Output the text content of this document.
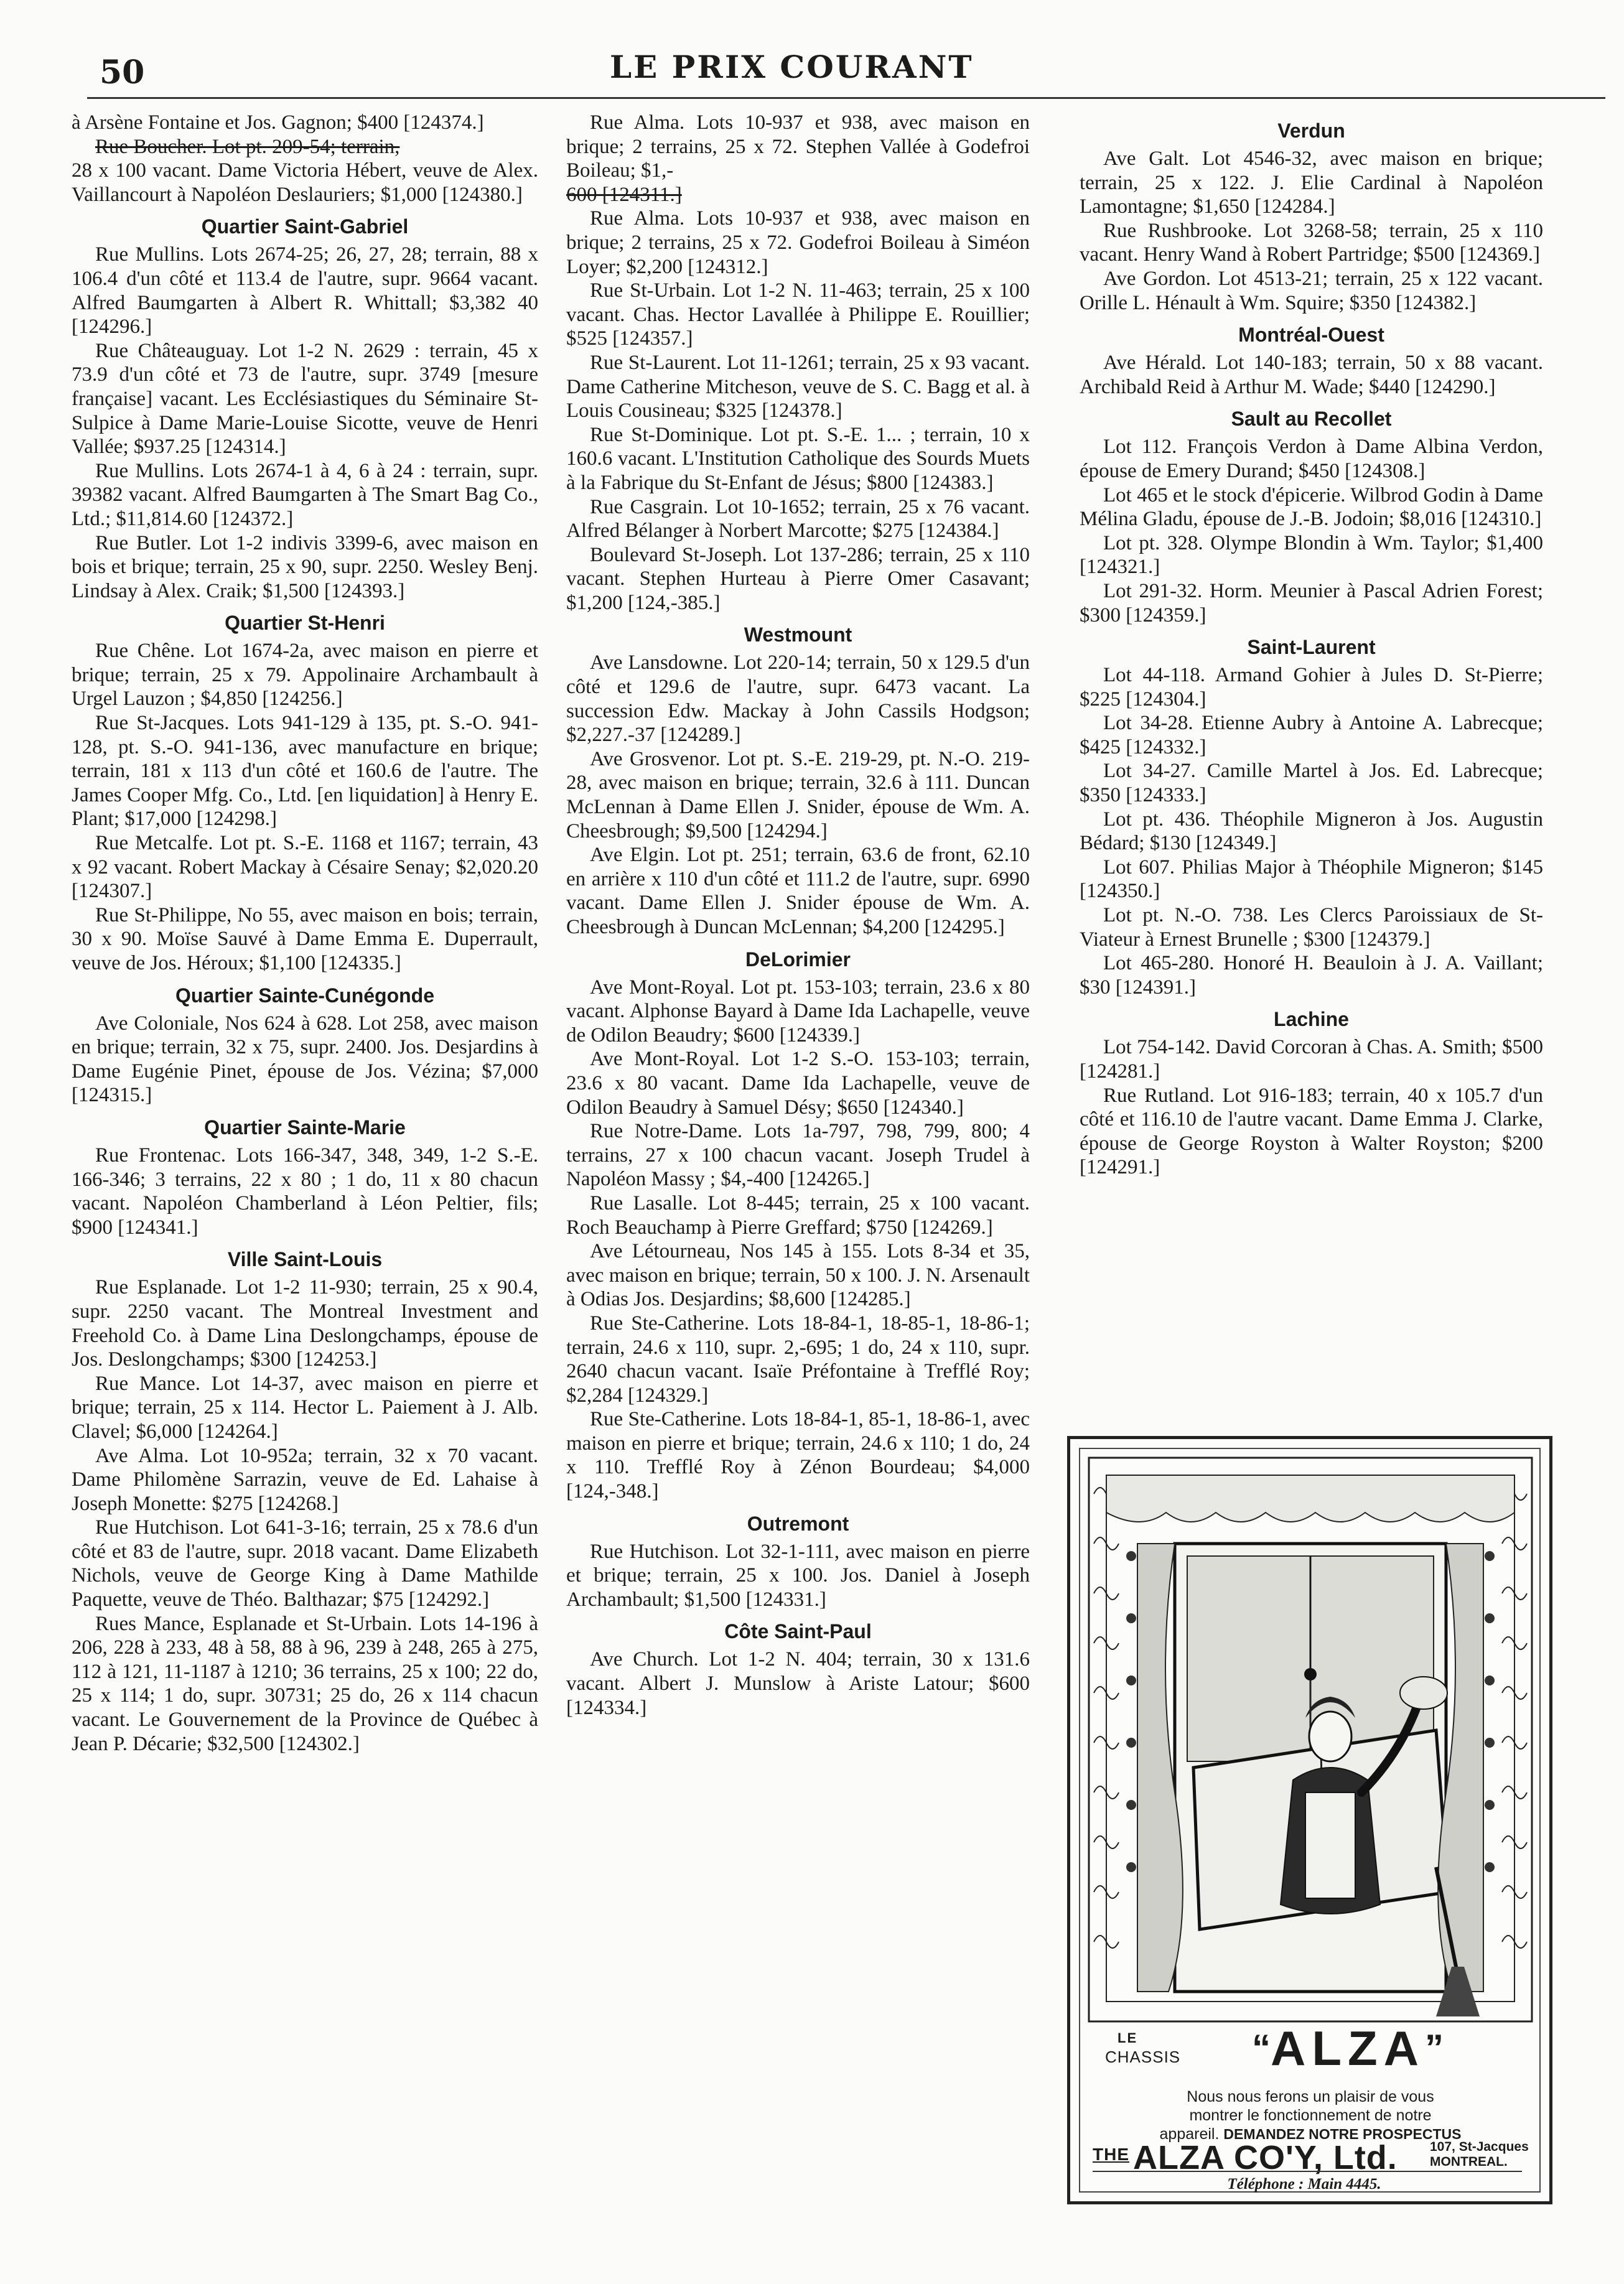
50	LE PRIX COURANT

à Arsène Fontaine et Jos. Gagnon; $400 [124374.]

Rue Boucher. Lot pt. 209-54; terrain,

28 x 100 vacant. Dame Victoria Hébert, veuve de Alex. Vaillancourt à Napoléon Deslauriers; $1,000 [124380.]

Quartier Saint-Gabriel

Rue Mullins. Lots 2674-25; 26, 27, 28; terrain, 88 x 106.4 d'un côté et 113.4 de l'autre, supr. 9664 vacant. Alfred Baumgarten à Albert R. Whittall; $3,382 40 [124296.]

Rue Châteauguay. Lot 1-2 N. 2629 : terrain, 45 x 73.9 d'un côté et 73 de l'autre, supr. 3749 [mesure française] vacant. Les Ecclésiastiques du Séminaire St-Sulpice à Dame Marie-Louise Sicotte, veuve de Henri Vallée; $937.25 [124314.]

Rue Mullins. Lots 2674-1 à 4, 6 à 24 : terrain, supr. 39382 vacant. Alfred Baumgarten à The Smart Bag Co., Ltd.; $11,814.60 [124372.]

Rue Butler. Lot 1-2 indivis 3399-6, avec maison en bois et brique; terrain, 25 x 90, supr. 2250. Wesley Benj. Lindsay à Alex. Craik; $1,500 [124393.]

Quartier St-Henri

Rue Chêne. Lot 1674-2a, avec maison en pierre et brique; terrain, 25 x 79. Appolinaire Archambault à Urgel Lauzon ; $4,850 [124256.]

Rue St-Jacques. Lots 941-129 à 135, pt. S.-O. 941-128, pt. S.-O. 941-136, avec manufacture en brique; terrain, 181 x 113 d'un côté et 160.6 de l'autre. The James Cooper Mfg. Co., Ltd. [en liquidation] à Henry E. Plant; $17,000 [124298.]

Rue Metcalfe. Lot pt. S.-E. 1168 et 1167; terrain, 43 x 92 vacant. Robert Mackay à Césaire Senay; $2,020.20 [124307.]

Rue St-Philippe, No 55, avec maison en bois; terrain, 30 x 90. Moïse Sauvé à Dame Emma E. Duperrault, veuve de Jos. Héroux; $1,100 [124335.]

Quartier Sainte-Cunégonde

Ave Coloniale, Nos 624 à 628. Lot 258, avec maison en brique; terrain, 32 x 75, supr. 2400. Jos. Desjardins à Dame Eugénie Pinet, épouse de Jos. Vézina; $7,000 [124315.]

Quartier Sainte-Marie

Rue Frontenac. Lots 166-347, 348, 349, 1-2 S.-E. 166-346; 3 terrains, 22 x 80 ; 1 do, 11 x 80 chacun vacant. Napoléon Chamberland à Léon Peltier, fils; $900 [124341.]

Ville Saint-Louis

Rue Esplanade. Lot 1-2 11-930; terrain, 25 x 90.4, supr. 2250 vacant. The Montreal Investment and Freehold Co. à Dame Lina Deslongchamps, épouse de Jos. Deslongchamps; $300 [124253.]

Rue Mance. Lot 14-37, avec maison en pierre et brique; terrain, 25 x 114. Hector L. Paiement à J. Alb. Clavel; $6,000 [124264.]

Ave Alma. Lot 10-952a; terrain, 32 x 70 vacant. Dame Philomène Sarrazin, veuve de Ed. Lahaise à Joseph Monette: $275 [124268.]

Rue Hutchison. Lot 641-3-16; terrain, 25 x 78.6 d'un côté et 83 de l'autre, supr. 2018 vacant. Dame Elizabeth Nichols, veuve de George King à Dame Mathilde Paquette, veuve de Théo. Balthazar; $75 [124292.]

Rues Mance, Esplanade et St-Urbain. Lots 14-196 à 206, 228 à 233, 48 à 58, 88 à 96, 239 à 248, 265 à 275, 112 à 121, 11-1187 à 1210; 36 terrains, 25 x 100; 22 do, 25 x 114; 1 do, supr. 30731; 25 do, 26 x 114 chacun vacant. Le Gouvernement de la Province de Québec à Jean P. Décarie; $32,500 [124302.]

Rue Alma. Lots 10-937 et 938, avec maison en brique; 2 terrains, 25 x 72. Stephen Vallée à Godefroi Boileau; $1,-

600 [124311.]

Rue Alma. Lots 10-937 et 938, avec maison en brique; 2 terrains, 25 x 72. Godefroi Boileau à Siméon Loyer; $2,200 [124312.]

Rue St-Urbain. Lot 1-2 N. 11-463; terrain, 25 x 100 vacant. Chas. Hector Lavallée à Philippe E. Rouillier; $525 [124357.]

Rue St-Laurent. Lot 11-1261; terrain, 25 x 93 vacant. Dame Catherine Mitcheson, veuve de S. C. Bagg et al. à Louis Cousineau; $325 [124378.]

Rue St-Dominique. Lot pt. S.-E. 1... ; terrain, 10 x 160.6 vacant. L'Institution Catholique des Sourds Muets à la Fabrique du St-Enfant de Jésus; $800 [124383.]

Rue Casgrain. Lot 10-1652; terrain, 25 x 76 vacant. Alfred Bélanger à Norbert Marcotte; $275 [124384.]

Boulevard St-Joseph. Lot 137-286; terrain, 25 x 110 vacant. Stephen Hurteau à Pierre Omer Casavant; $1,200 [124,-385.]

Westmount

Ave Lansdowne. Lot 220-14; terrain, 50 x 129.5 d'un côté et 129.6 de l'autre, supr. 6473 vacant. La succession Edw. Mackay à John Cassils Hodgson; $2,227.-37 [124289.]

Ave Grosvenor. Lot pt. S.-E. 219-29, pt. N.-O. 219-28, avec maison en brique; terrain, 32.6 à 111. Duncan McLennan à Dame Ellen J. Snider, épouse de Wm. A. Cheesbrough; $9,500 [124294.]

Ave Elgin. Lot pt. 251; terrain, 63.6 de front, 62.10 en arrière x 110 d'un côté et 111.2 de l'autre, supr. 6990 vacant. Dame Ellen J. Snider épouse de Wm. A. Cheesbrough à Duncan McLennan; $4,200 [124295.]

DeLorimier

Ave Mont-Royal. Lot pt. 153-103; terrain, 23.6 x 80 vacant. Alphonse Bayard à Dame Ida Lachapelle, veuve de Odilon Beaudry; $600 [124339.]

Ave Mont-Royal. Lot 1-2 S.-O. 153-103; terrain, 23.6 x 80 vacant. Dame Ida Lachapelle, veuve de Odilon Beaudry à Samuel Désy; $650 [124340.]

Rue Notre-Dame. Lots 1a-797, 798, 799, 800; 4 terrains, 27 x 100 chacun vacant. Joseph Trudel à Napoléon Massy ; $4,-400 [124265.]

Rue Lasalle. Lot 8-445; terrain, 25 x 100 vacant. Roch Beauchamp à Pierre Greffard; $750 [124269.]

Ave Létourneau, Nos 145 à 155. Lots 8-34 et 35, avec maison en brique; terrain, 50 x 100. J. N. Arsenault à Odias Jos. Desjardins; $8,600 [124285.]

Rue Ste-Catherine. Lots 18-84-1, 18-85-1, 18-86-1; terrain, 24.6 x 110, supr. 2,-695; 1 do, 24 x 110, supr. 2640 chacun vacant. Isaïe Préfontaine à Trefflé Roy; $2,284 [124329.]

Rue Ste-Catherine. Lots 18-84-1, 85-1, 18-86-1, avec maison en pierre et brique; terrain, 24.6 x 110; 1 do, 24 x 110. Trefflé Roy à Zénon Bourdeau; $4,000 [124,-348.]

Outremont

Rue Hutchison. Lot 32-1-111, avec maison en pierre et brique; terrain, 25 x 100. Jos. Daniel à Joseph Archambault; $1,500 [124331.]

Côte Saint-Paul

Ave Church. Lot 1-2 N. 404; terrain, 30 x 131.6 vacant. Albert J. Munslow à Ariste Latour; $600 [124334.]

Verdun

Ave Galt. Lot 4546-32, avec maison en brique; terrain, 25 x 122. J. Elie Cardinal à Napoléon Lamontagne; $1,650 [124284.]

Rue Rushbrooke. Lot 3268-58; terrain, 25 x 110 vacant. Henry Wand à Robert Partridge; $500 [124369.]

Ave Gordon. Lot 4513-21; terrain, 25 x 122 vacant. Orille L. Hénault à Wm. Squire; $350 [124382.]

Montréal-Ouest

Ave Hérald. Lot 140-183; terrain, 50 x 88 vacant. Archibald Reid à Arthur M. Wade; $440 [124290.]

Sault au Recollet

Lot 112. François Verdon à Dame Albina Verdon, épouse de Emery Durand; $450 [124308.]

Lot 465 et le stock d'épicerie. Wilbrod Godin à Dame Mélina Gladu, épouse de J.-B. Jodoin; $8,016 [124310.]

Lot pt. 328. Olympe Blondin à Wm. Taylor; $1,400 [124321.]

Lot 291-32. Horm. Meunier à Pascal Adrien Forest; $300 [124359.]

Saint-Laurent

Lot 44-118. Armand Gohier à Jules D. St-Pierre; $225 [124304.]

Lot 34-28. Etienne Aubry à Antoine A. Labrecque; $425 [124332.]

Lot 34-27. Camille Martel à Jos. Ed. Labrecque; $350 [124333.]

Lot pt. 436. Théophile Migneron à Jos. Augustin Bédard; $130 [124349.]

Lot 607. Philias Major à Théophile Migneron; $145 [124350.]

Lot pt. N.-O. 738. Les Clercs Paroissiaux de St-Viateur à Ernest Brunelle ; $300 [124379.]

Lot 465-280. Honoré H. Beauloin à J. A. Vaillant; $30 [124391.]

Lachine

Lot 754-142. David Corcoran à Chas. A. Smith; $500 [124281.]

Rue Rutland. Lot 916-183; terrain, 40 x 105.7 d'un côté et 116.10 de l'autre vacant. Dame Emma J. Clarke, épouse de George Royston à Walter Royston; $200 [124291.]

LE
CHASSIS	“ALZA”
Nous nous ferons un plaisir de vous
montrer le fonctionnement de notre
appareil. DEMANDEZ NOTRE PROSPECTUS
$^{THE}$ ALZA CO'Y, Ltd. 107, St-Jacques
MONTREAL.
Téléphone : Main 4445.
